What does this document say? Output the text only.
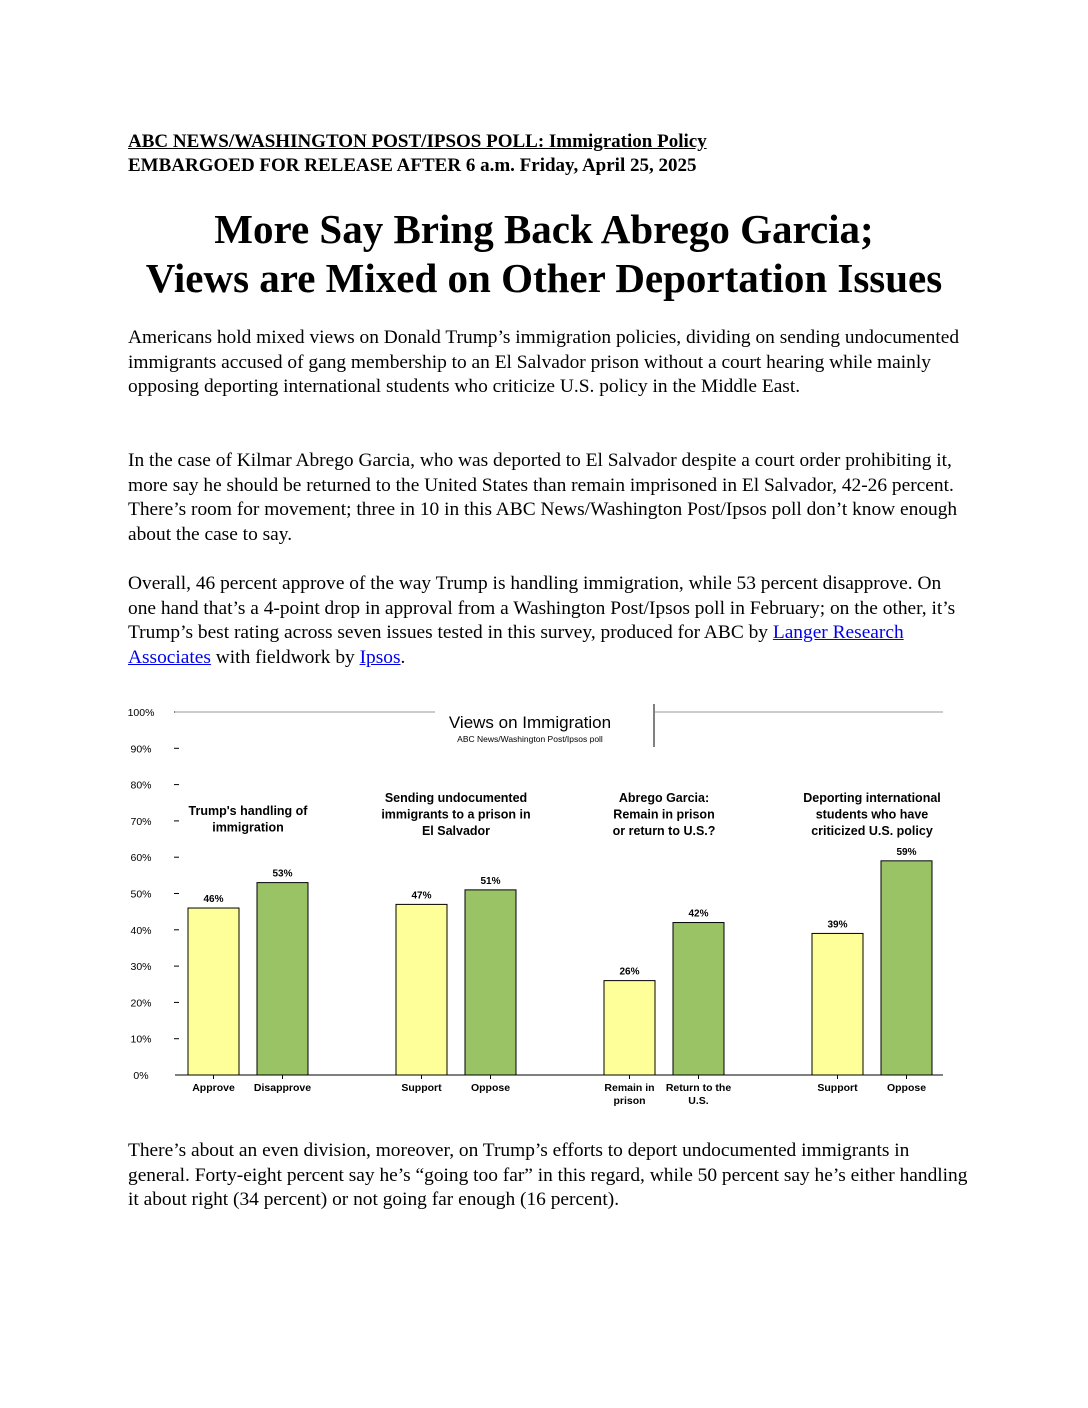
ABC NEWS/WASHINGTON POST/IPSOS POLL: Immigration Policy
EMBARGOED FOR RELEASE AFTER 6 a.m. Friday, April 25, 2025
More Say Bring Back Abrego Garcia;
Views are Mixed on Other Deportation Issues
Americans hold mixed views on Donald Trump’s immigration policies, dividing on sending undocumented immigrants accused of gang membership to an El Salvador prison without a court hearing while mainly opposing deporting international students who criticize U.S. policy in the Middle East.
In the case of Kilmar Abrego Garcia, who was deported to El Salvador despite a court order prohibiting it, more say he should be returned to the United States than remain imprisoned in El Salvador, 42-26 percent. There’s room for movement; three in 10 in this ABC News/Washington Post/Ipsos poll don’t know enough about the case to say.
Overall, 46 percent approve of the way Trump is handling immigration, while 53 percent disapprove. On one hand that’s a 4-point drop in approval from a Washington Post/Ipsos poll in February; on the other, it’s Trump’s best rating across seven issues tested in this survey, produced for ABC by Langer Research Associates with fieldwork by Ipsos.
0%
10%
20%
30%
40%
50%
60%
70%
80%
90%
100%	Views on Immigration
ABC News/Washington Post/Ipsos poll
Trump's handling of
immigration
46%
Approve
53%
Disapprove
Sending undocumented
immigrants to a prison in
El Salvador
47%
Support
51%
Oppose
Abrego Garcia:
Remain in prison
or return to U.S.?
26%
Remain in
prison
42%
Return to the
U.S.
Deporting international
students who have
criticized U.S. policy
39%
Support
59%
Oppose
There’s about an even division, moreover, on Trump’s efforts to deport undocumented immigrants in general. Forty-eight percent say he’s “going too far” in this regard, while 50 percent say he’s either handling it about right (34 percent) or not going far enough (16 percent).
